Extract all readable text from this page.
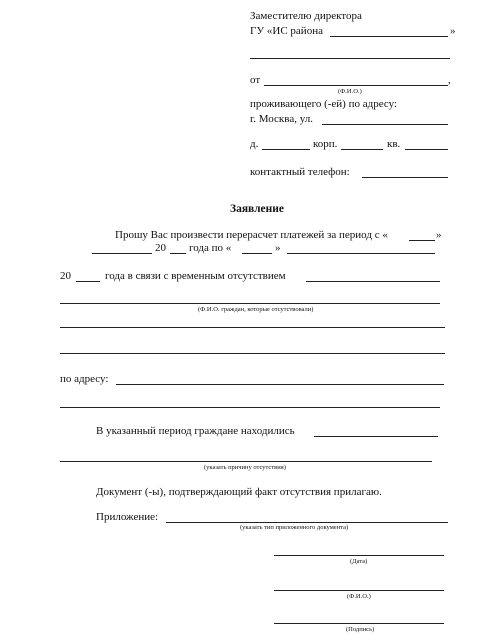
Заместителю директора
ГУ «ИС района	»
от	,
(Ф.И.О.)
проживающего (-ей) по адресу:
г. Москва, ул.
д.	корп.	кв.
контактный телефон:
Заявление
Прошу Вас произвести перерасчет платежей за период с «	»
20 года по «	»
20	года в связи с временным отсутствием
(Ф.И.О. граждан, которые отсутствовали)
по адресу:
В указанный период граждане находились
(указать причину отсутствия)
Документ (-ы), подтверждающий факт отсутствия прилагаю.
Приложение:
(указать тип приложенного документа)
(Дата)
(Ф.И.О.)
(Подпись)
